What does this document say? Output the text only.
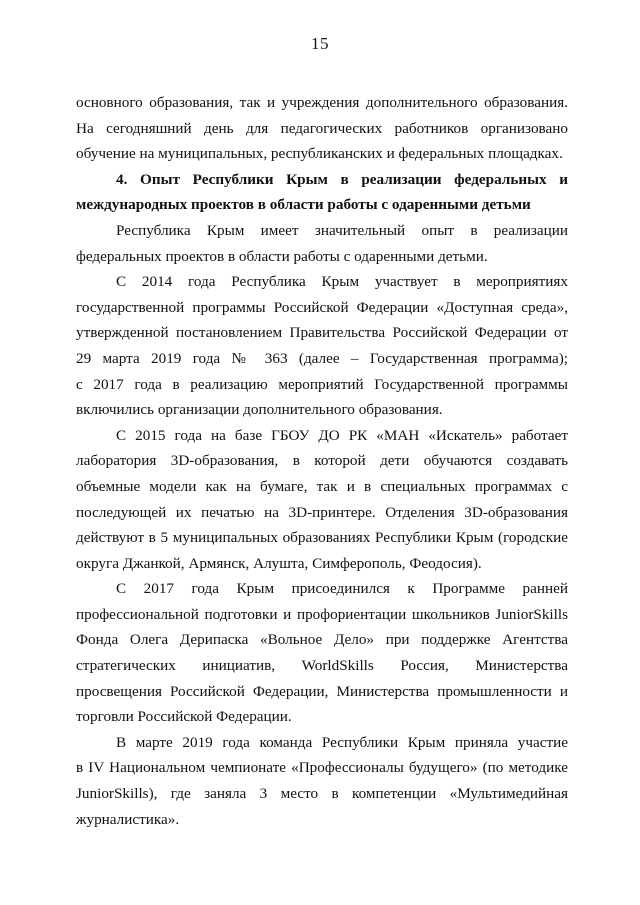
15
основного образования, так и учреждения дополнительного образования.
На сегодняшний день для педагогических работников организовано
обучение на муниципальных, республиканских и федеральных площадках.
4. Опыт Республики Крым в реализации федеральных и
международных проектов в области работы с одаренными детьми
Республика Крым имеет значительный опыт в реализации
федеральных проектов в области работы с одаренными детьми.
С 2014 года Республика Крым участвует в мероприятиях
государственной программы Российской Федерации «Доступная среда»,
утвержденной постановлением Правительства Российской Федерации от
29 марта 2019 года № 363 (далее – Государственная программа);
с 2017 года в реализацию мероприятий Государственной программы
включились организации дополнительного образования.
С 2015 года на базе ГБОУ ДО РК «МАН «Искатель» работает
лаборатория 3D-образования, в которой дети обучаются создавать
объемные модели как на бумаге, так и в специальных программах с
последующей их печатью на 3D-принтере. Отделения 3D-образования
действуют в 5 муниципальных образованиях Республики Крым (городские
округа Джанкой, Армянск, Алушта, Симферополь, Феодосия).
С 2017 года Крым присоединился к Программе ранней
профессиональной подготовки и профориентации школьников JuniorSkills
Фонда Олега Дерипаска «Вольное Дело» при поддержке Агентства
стратегических инициатив, WorldSkills Россия, Министерства
просвещения Российской Федерации, Министерства промышленности и
торговли Российской Федерации.
В марте 2019 года команда Республики Крым приняла участие
в IV Национальном чемпионате «Профессионалы будущего» (по методике
JuniorSkills), где заняла 3 место в компетенции «Мультимедийная
журналистика».
